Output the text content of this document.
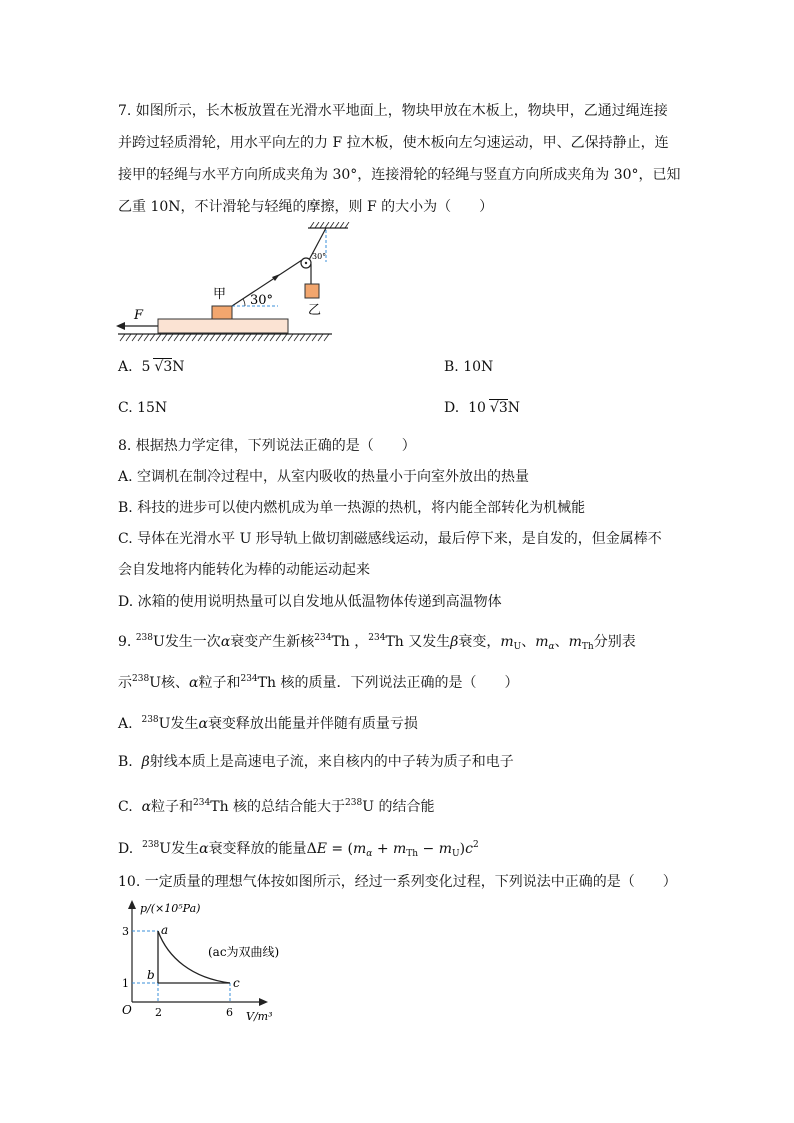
7. 如图所示，长木板放置在光滑水平地面上，物块甲放在木板上，物块甲，乙通过绳连接
并跨过轻质滑轮，用水平向左的力 F 拉木板，使木板向左匀速运动，甲、乙保持静止，连
接甲的轻绳与水平方向所成夹角为 30°，连接滑轮的轻绳与竖直方向所成夹角为 30°，已知
乙重 10N，不计滑轮与轻绳的摩擦，则 F 的大小为（　　）
30°
乙
30°
甲
F
A. 5 √3N	B. 10N
C. 15N	D. 10 √3N
8. 根据热力学定律，下列说法正确的是（　　）
A. 空调机在制冷过程中，从室内吸收的热量小于向室外放出的热量
B. 科技的进步可以使内燃机成为单一热源的热机，将内能全部转化为机械能
C. 导体在光滑水平 U 形导轨上做切割磁感线运动，最后停下来，是自发的，但金属棒不
会自发地将内能转化为棒的动能运动起来
D. 冰箱的使用说明热量可以自发地从低温物体传递到高温物体
9. $^{238}$U发生一次α衰变产生新核$^{234}$Th ，$^{234}$Th 又发生β衰变，$m_U$、$m_\alpha$、$m_{Th}$分别表
示$^{238}$U核、α粒子和$^{234}$Th 核的质量．下列说法正确的是（　　）
A. $^{238}$U发生α衰变释放出能量并伴随有质量亏损
B. β射线本质上是高速电子流，来自核内的中子转为质子和电子
C. α粒子和$^{234}$Th 核的总结合能大于$^{238}$U 的结合能
D. $^{238}$U发生α衰变释放的能量$\Delta E = (m_\alpha + m_{Th} - m_U)c^2$
10. 一定质量的理想气体按如图所示，经过一系列变化过程，下列说法中正确的是（　　）
p/(×10⁵Pa)
V/m³
O
3
1
2	6
a
b
c
(ac为双曲线)
